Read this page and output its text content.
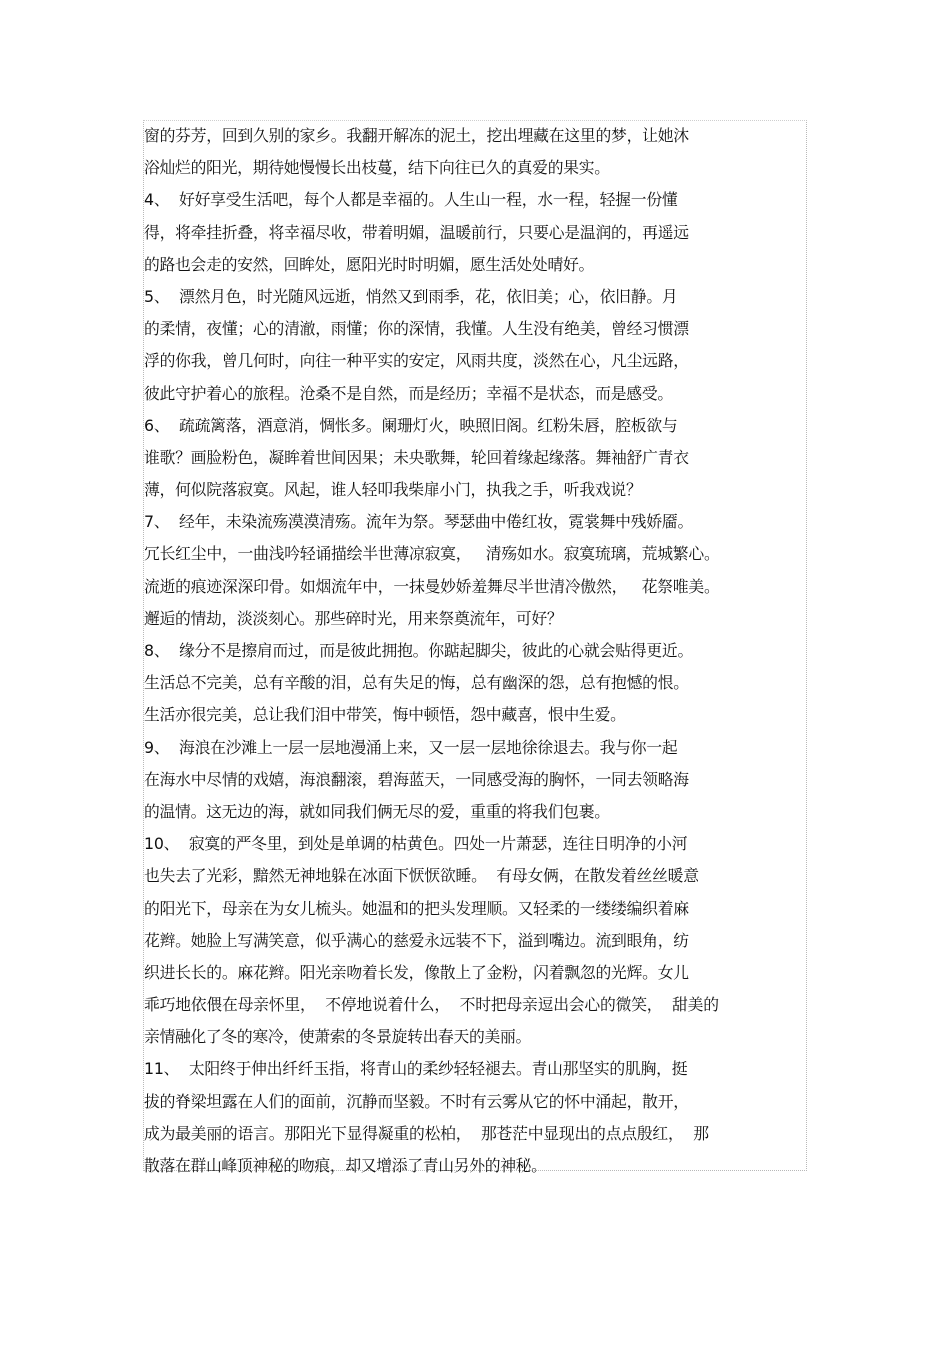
窗的芬芳，回到久别的家乡。我翻开解冻的泥土，挖出埋藏在这里的梦，让她沐
浴灿烂的阳光，期待她慢慢长出枝蔓，结下向往已久的真爱的果实。
4、  好好享受生活吧，每个人都是幸福的。人生山一程，水一程，轻握一份懂
得，将牵挂折叠，将幸福尽收，带着明媚，温暖前行，只要心是温润的，再遥远
的路也会走的安然，回眸处，愿阳光时时明媚，愿生活处处晴好。
5、  漂然月色，时光随风远逝，悄然又到雨季，花，依旧美；心，依旧静。月
的柔情，夜懂；心的清澈，雨懂；你的深情，我懂。人生没有绝美，曾经习惯漂
浮的你我，曾几何时，向往一种平实的安定，风雨共度，淡然在心，凡尘远路，
彼此守护着心的旅程。沧桑不是自然，而是经历；幸福不是状态，而是感受。
6、  疏疏篱落，酒意消，惆怅多。阑珊灯火，映照旧阁。红粉朱唇，腔板欲与
谁歌？画脸粉色，凝眸着世间因果；未央歌舞，轮回着缘起缘落。舞袖舒广青衣
薄，何似院落寂寞。风起，谁人轻叩我柴扉小门，执我之手，听我戏说？
7、  经年，未染流殇漠漠清殇。流年为祭。琴瑟曲中倦红妆，霓裳舞中残娇靥。
冗长红尘中，一曲浅吟轻诵描绘半世薄凉寂寞，   清殇如水。寂寞琉璃，荒城繁心。
流逝的痕迹深深印骨。如烟流年中，一抹曼妙娇羞舞尽半世清冷傲然，   花祭唯美。
邂逅的情劫，淡淡刻心。那些碎时光，用来祭奠流年，可好？
8、  缘分不是擦肩而过，而是彼此拥抱。你踮起脚尖，彼此的心就会贴得更近。
生活总不完美，总有辛酸的泪，总有失足的悔，总有幽深的怨，总有抱憾的恨。
生活亦很完美，总让我们泪中带笑，悔中顿悟，怨中藏喜，恨中生爱。
9、  海浪在沙滩上一层一层地漫涌上来，又一层一层地徐徐退去。我与你一起
在海水中尽情的戏嬉，海浪翻滚，碧海蓝天，一同感受海的胸怀，一同去领略海
的温情。这无边的海，就如同我们俩无尽的爱，重重的将我们包裹。
10、  寂寞的严冬里，到处是单调的枯黄色。四处一片萧瑟，连往日明净的小河
也失去了光彩，黯然无神地躲在冰面下恹恹欲睡。  有母女俩，在散发着丝丝暖意
的阳光下，母亲在为女儿梳头。她温和的把头发理顺。又轻柔的一缕缕编织着麻
花辫。她脸上写满笑意，似乎满心的慈爱永远装不下，溢到嘴边。流到眼角，纺
织进长长的。麻花辫。阳光亲吻着长发，像散上了金粉，闪着飘忽的光辉。女儿
乖巧地依偎在母亲怀里，  不停地说着什么，  不时把母亲逗出会心的微笑，  甜美的
亲情融化了冬的寒冷，使萧索的冬景旋转出春天的美丽。
11、  太阳终于伸出纤纤玉指，将青山的柔纱轻轻褪去。青山那坚实的肌胸，挺
拔的脊梁坦露在人们的面前，沉静而坚毅。不时有云雾从它的怀中涌起，散开，
成为最美丽的语言。那阳光下显得凝重的松柏，  那苍茫中显现出的点点殷红，  那
散落在群山峰顶神秘的吻痕，却又增添了青山另外的神秘。
